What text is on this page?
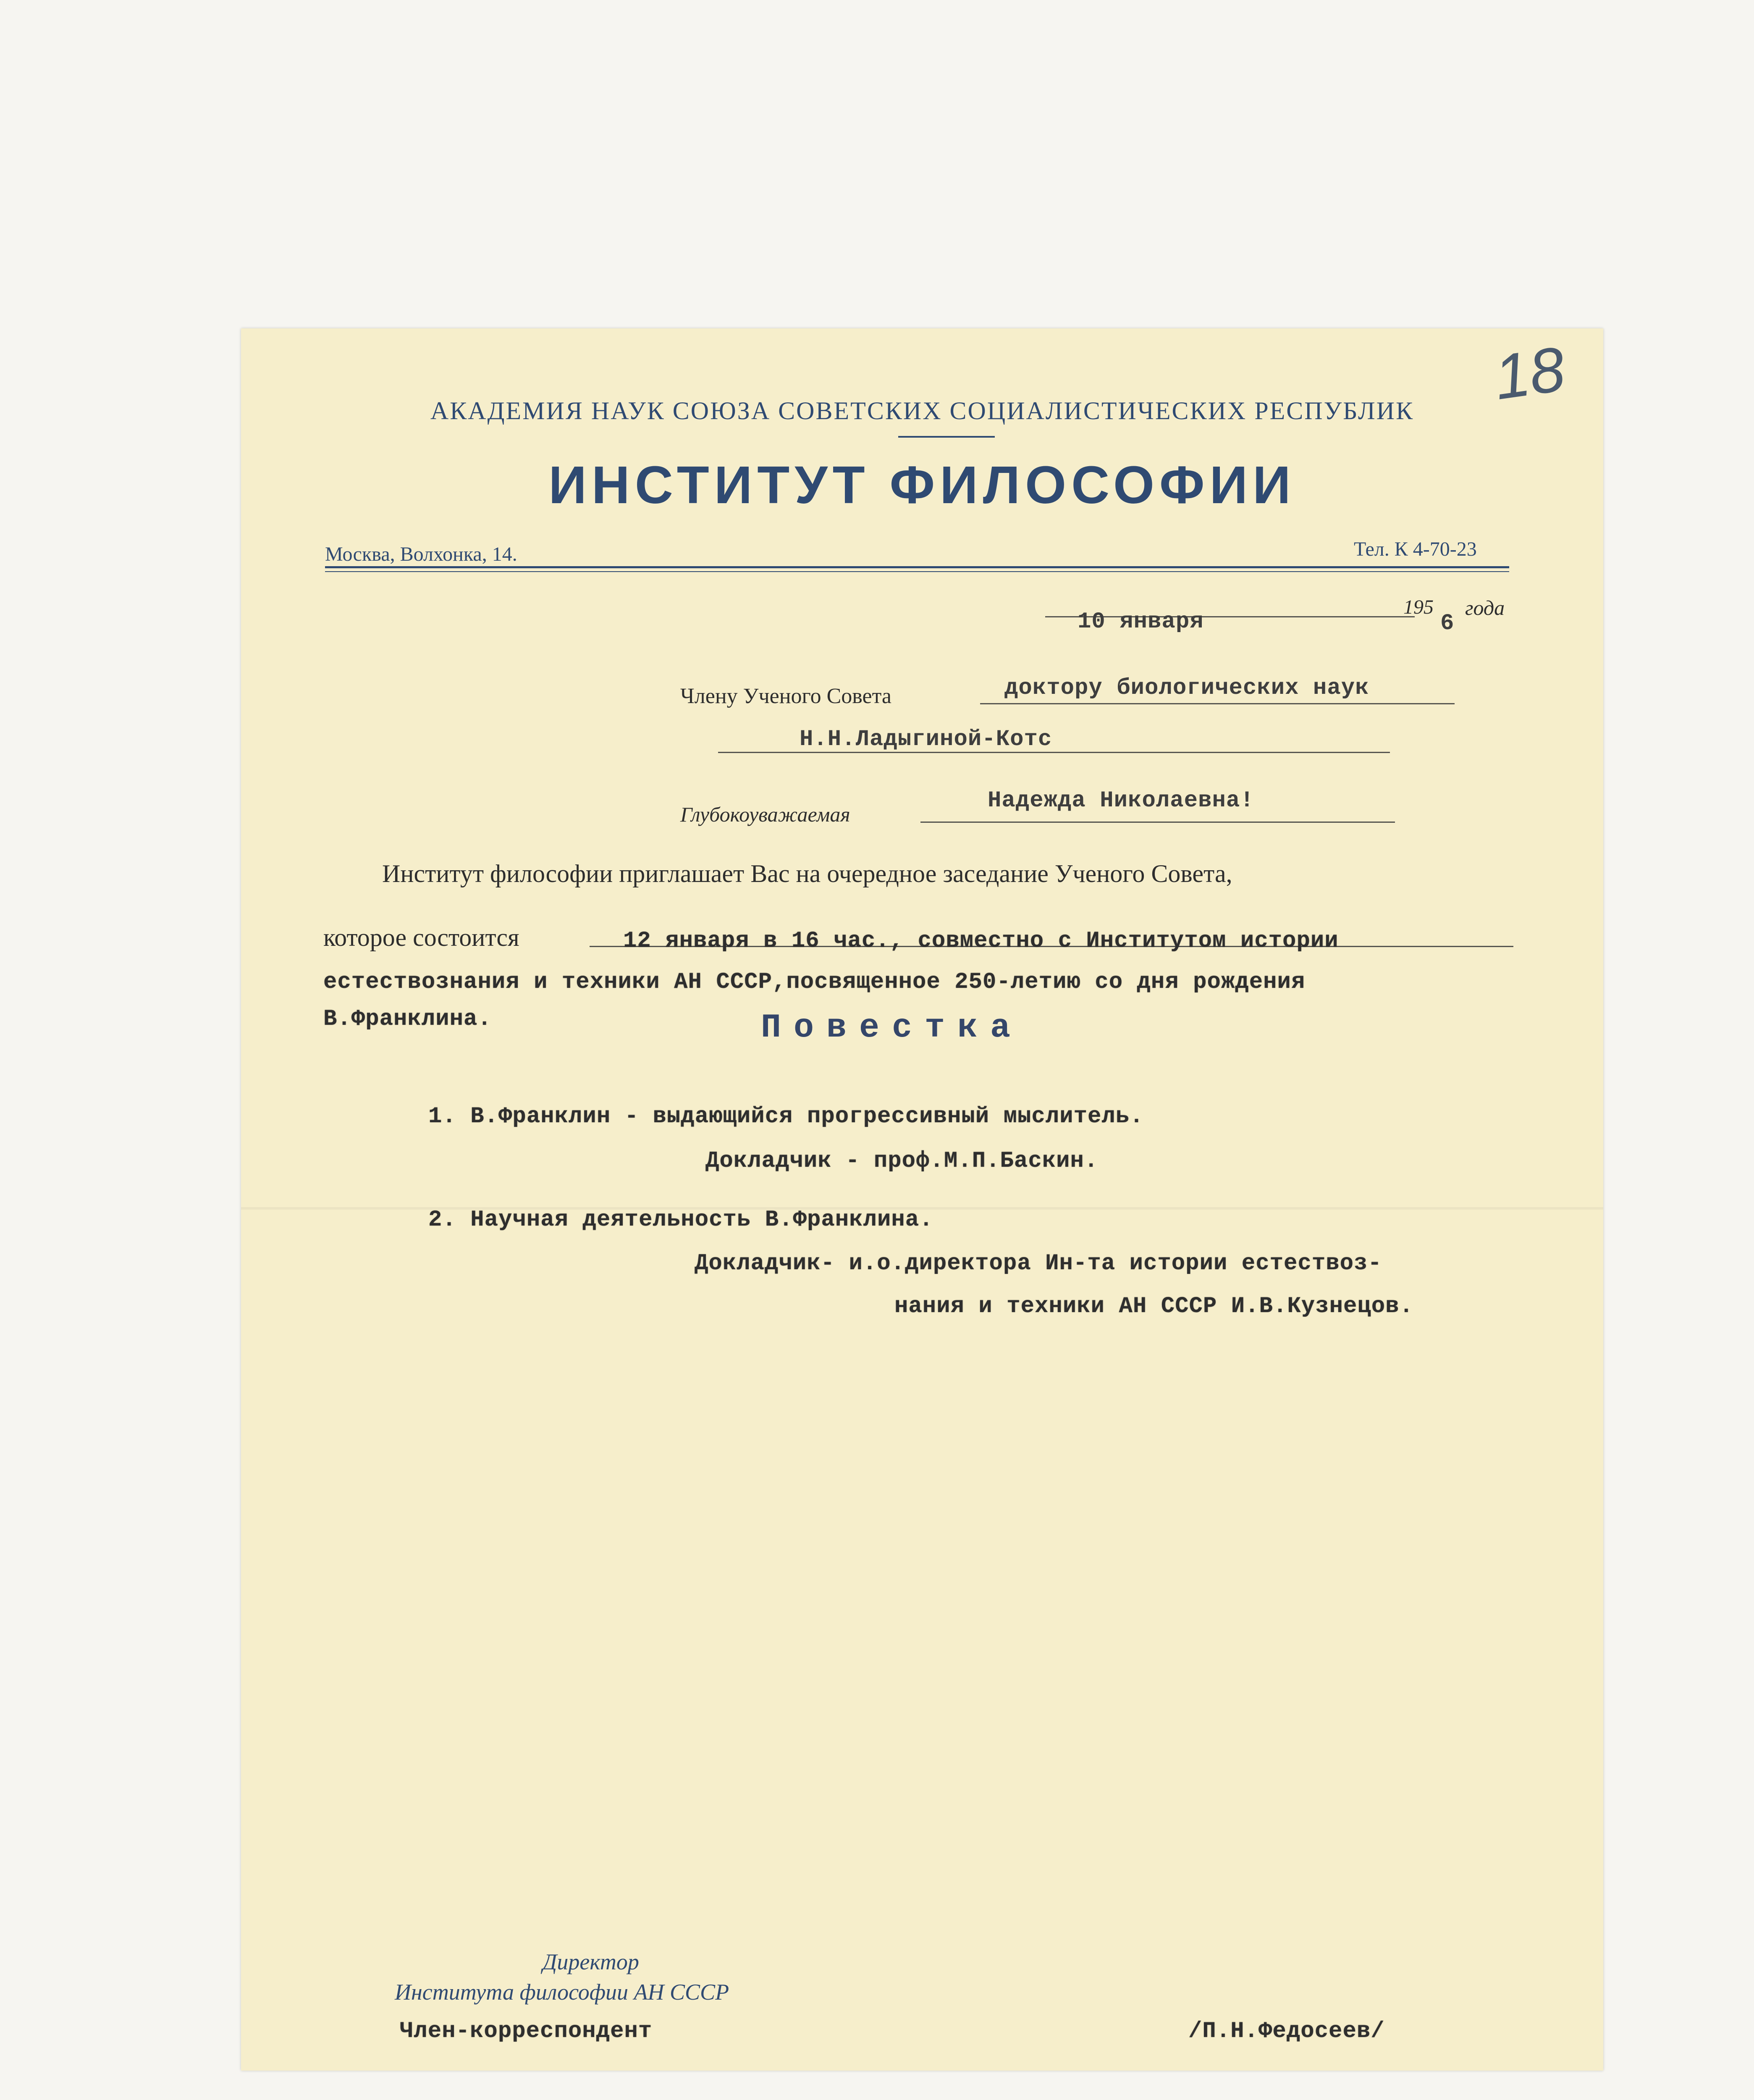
АКАДЕМИЯ НАУК СОЮЗА СОВЕТСКИХ СОЦИАЛИСТИЧЕСКИХ РЕСПУБЛИК
ИНСТИТУТ ФИЛОСОФИИ
Москва, Волхонка, 14.	Тел. К 4-70-23
18
10 января
195
6
года
Члену Ученого Совета	доктору биологических наук
Н.Н.Ладыгиной-Котс
Глубокоуважаемая
Надежда Николаевна!
Институт философии приглашает Вас на очередное заседание Ученого Совета,
которое состоится	12 января в 16 час., совместно с Институтом истории
естествознания и техники АН СССР,посвященное 250-летию со дня рождения
В.Франклина.	Повестка
1. В.Франклин - выдающийся прогрессивный мыслитель.
Докладчик - проф.М.П.Баскин.
2. Научная деятельность В.Франклина.
Докладчик- и.о.директора Ин-та истории естествоз-
нания и техники АН СССР И.В.Кузнецов.
Директор
Института философии АН СССР
Член-корреспондент	/П.Н.Федосеев/
